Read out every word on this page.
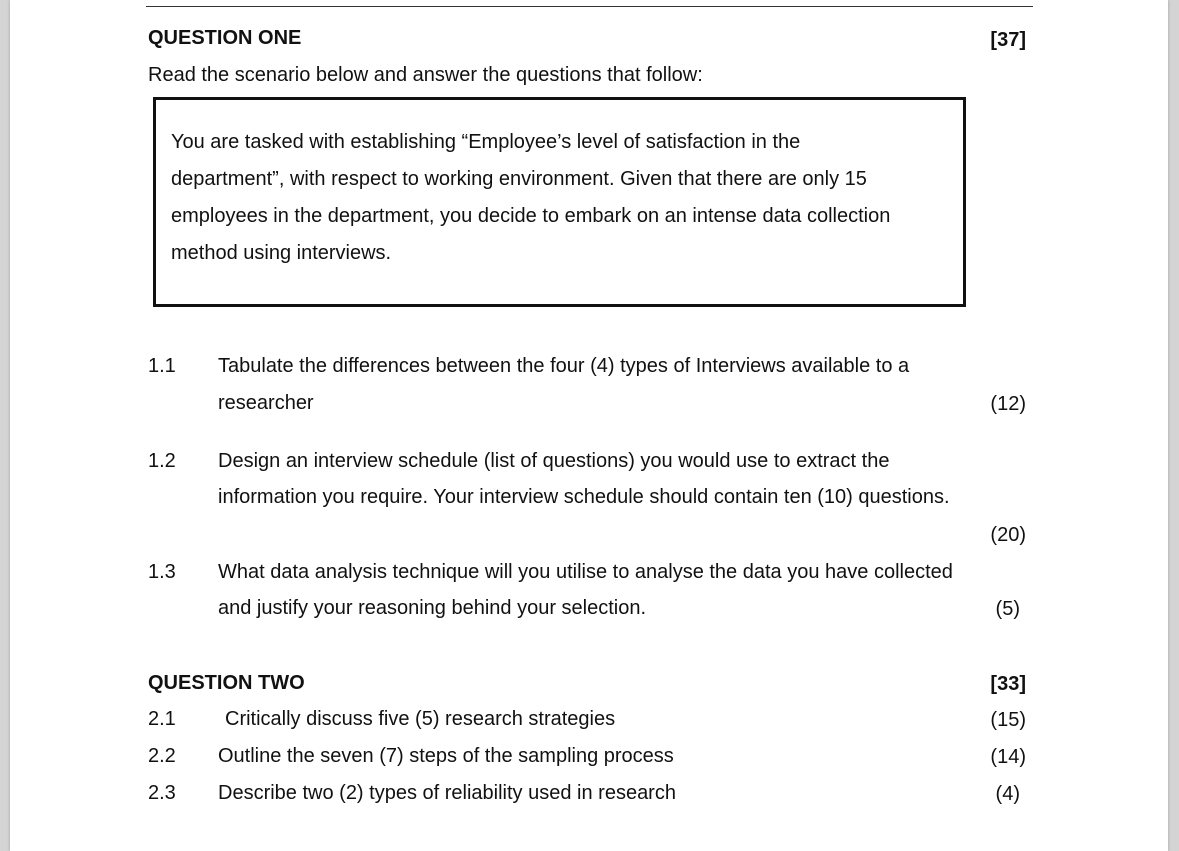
QUESTION ONE	[37]
Read the scenario below and answer the questions that follow:
You are tasked with establishing “Employee’s level of satisfaction in the
department”, with respect to working environment. Given that there are only 15
employees in the department, you decide to embark on an intense data collection
method using interviews.
1.1 Tabulate the differences between the four (4) types of Interviews available to a
researcher	(12)
1.2 Design an interview schedule (list of questions) you would use to extract the
information you require. Your interview schedule should contain ten (10) questions.
(20)
1.3 What data analysis technique will you utilise to analyse the data you have collected
and justify your reasoning behind your selection.	(5)
QUESTION TWO	[33]
2.1 Critically discuss five (5) research strategies	(15)
2.2 Outline the seven (7) steps of the sampling process	(14)
2.3 Describe two (2) types of reliability used in research	(4)
